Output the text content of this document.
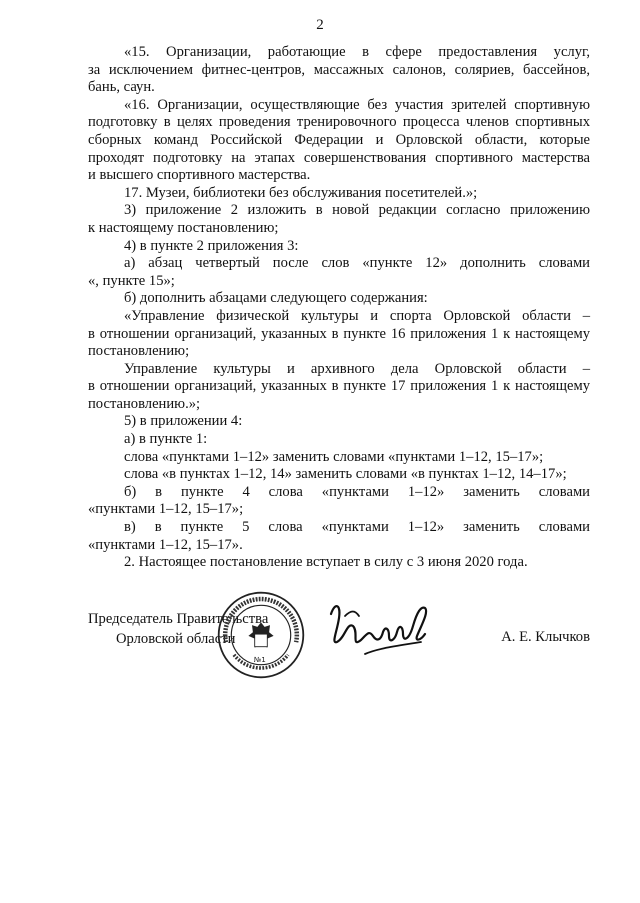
2

«15. Организации, работающие в сфере предоставления услуг,

за исключением фитнес-центров, массажных салонов, соляриев, бассейнов,

бань, саун.

«16. Организации, осуществляющие без участия зрителей спортивную

подготовку в целях проведения тренировочного процесса членов спортивных

сборных команд Российской Федерации и Орловской области, которые

проходят подготовку на этапах совершенствования спортивного мастерства

и высшего спортивного мастерства.

17. Музеи, библиотеки без обслуживания посетителей.»;

3) приложение 2 изложить в новой редакции согласно приложению

к настоящему постановлению;

4) в пункте 2 приложения 3:

а) абзац четвертый после слов «пункте 12» дополнить словами

«, пункте 15»;

б) дополнить абзацами следующего содержания:

«Управление физической культуры и спорта Орловской области –

в отношении организаций, указанных в пункте 16 приложения 1 к настоящему

постановлению;

Управление культуры и архивного дела Орловской области –

в отношении организаций, указанных в пункте 17 приложения 1 к настоящему

постановлению.»;

5) в приложении 4:

а) в пункте 1:

слова «пунктами 1–12» заменить словами «пунктами 1–12, 15–17»;

слова «в пунктах 1–12, 14» заменить словами «в пунктах 1–12, 14–17»;

б) в пункте 4 слова «пунктами 1–12» заменить словами

«пунктами 1–12, 15–17»;

в) в пункте 5 слова «пунктами 1–12» заменить словами

«пунктами 1–12, 15–17».

2. Настоящее постановление вступает в силу с 3 июня 2020 года.

Председатель Правительства
Орловской области	А. Е. Клычков
№1
